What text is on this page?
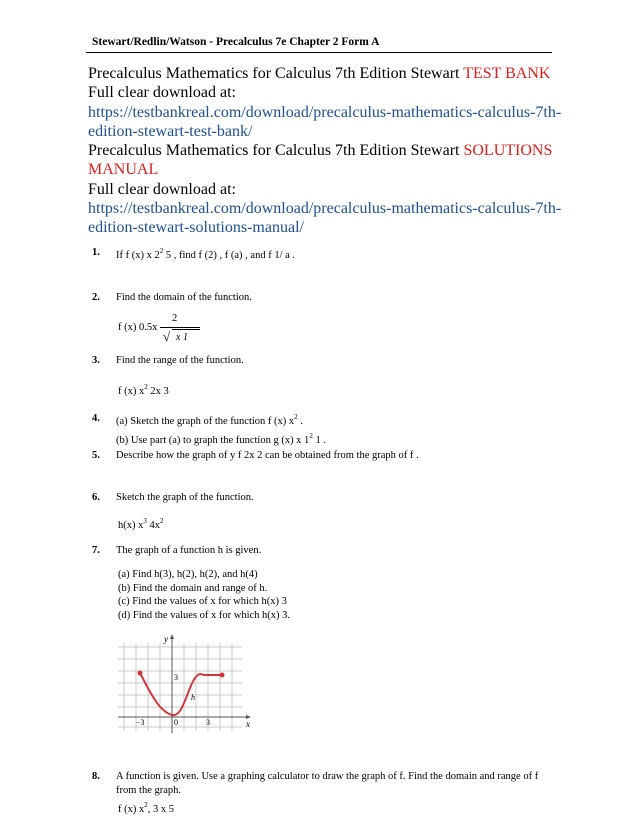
Stewart/Redlin/Watson - Precalculus 7e Chapter 2 Form A
Precalculus Mathematics for Calculus 7th Edition Stewart TEST BANK
Full clear download at:
https://testbankreal.com/download/precalculus-mathematics-calculus-7th-
edition-stewart-test-bank/
Precalculus Mathematics for Calculus 7th Edition Stewart SOLUTIONS
MANUAL
Full clear download at:
https://testbankreal.com/download/precalculus-mathematics-calculus-7th-
edition-stewart-solutions-manual/
1. If f (x) x $2^2$ 5 , find f (2) , f (a) , and f 1/ a .
2. Find the domain of the function.
f (x) 0.5x
2
√ x 1
3. Find the range of the function.
f (x) $x^2$ 2x 3
4. (a) Sketch the graph of the function f (x) $x^2$ .
(b) Use part (a) to graph the function g (x) x $1^2$ 1 .
5. Describe how the graph of y f 2x 2 can be obtained from the graph of f .
6. Sketch the graph of the function.
h(x) $x^3$ $4x^2$
7. The graph of a function h is given.
(a) Find h(3), h(2), h(2), and h(4)
(b) Find the domain and range of h.
(c) Find the values of x for which h(x) 3
(d) Find the values of x for which h(x) 3.
y
x
3
−3	0	3
h
8. A function is given. Use a graphing calculator to draw the graph of f. Find the domain and range of f
from the graph.
f (x) $x^2$, 3 x 5
